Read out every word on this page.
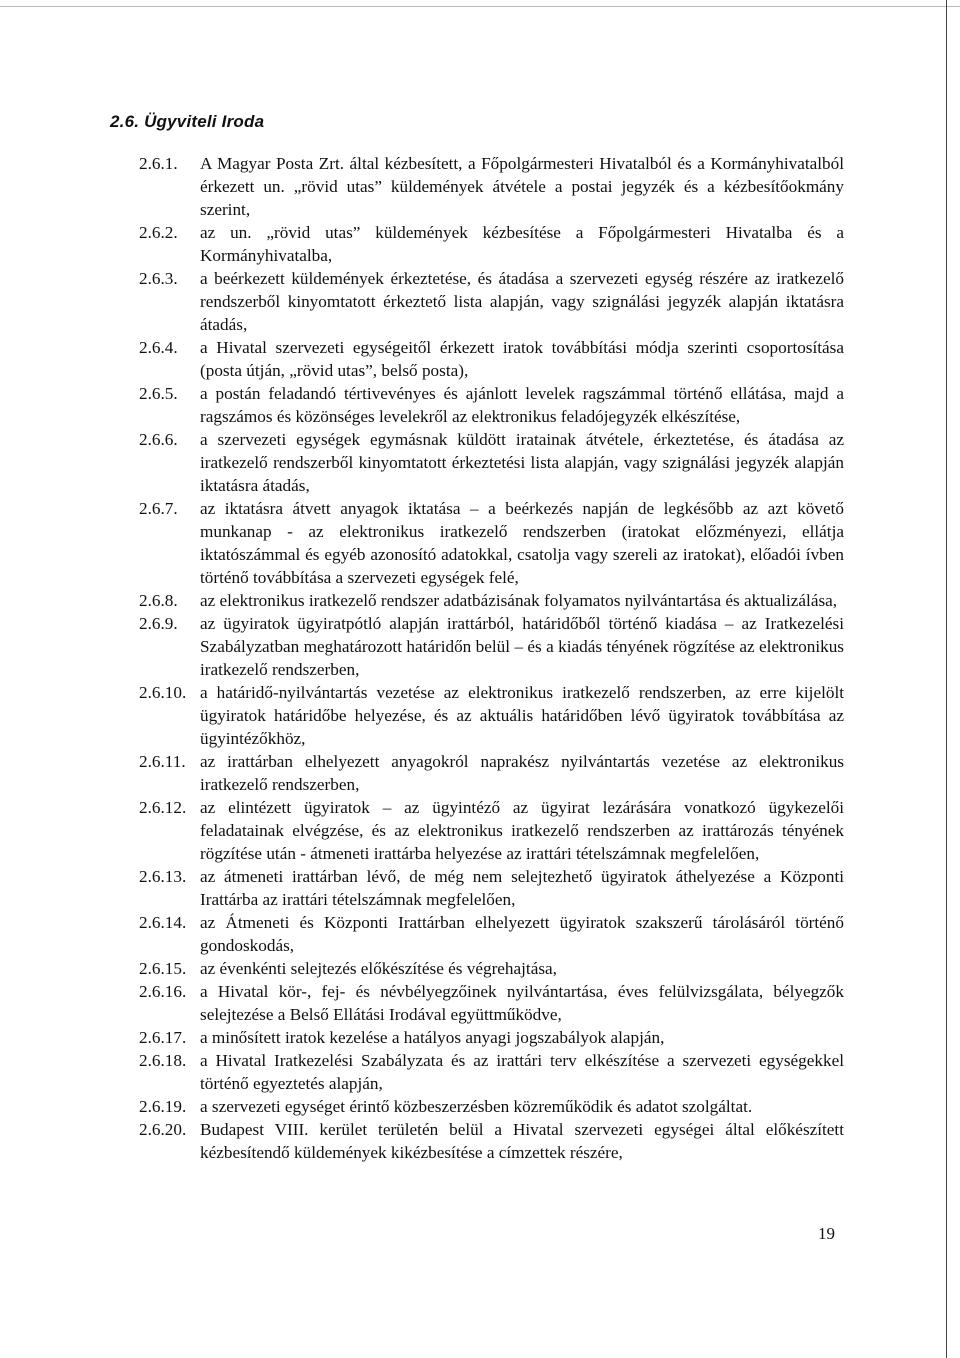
2.6. Ügyviteli Iroda
2.6.1.	A Magyar Posta Zrt. által kézbesített, a Főpolgármesteri Hivatalból és a Kormányhivatalból érkezett un. „rövid utas” küldemények átvétele a postai jegyzék és a kézbesítőokmány szerint,
2.6.2.	az un. „rövid utas” küldemények kézbesítése a Főpolgármesteri Hivatalba és a Kormányhivatalba,
2.6.3.	a beérkezett küldemények érkeztetése, és átadása a szervezeti egység részére az iratkezelő rendszerből kinyomtatott érkeztető lista alapján, vagy szignálási jegyzék alapján iktatásra átadás,
2.6.4.	a Hivatal szervezeti egységeitől érkezett iratok továbbítási módja szerinti csoportosítása (posta útján, „rövid utas”, belső posta),
2.6.5.	a postán feladandó tértivevényes és ajánlott levelek ragszámmal történő ellátása, majd a ragszámos és közönséges levelekről az elektronikus feladójegyzék elkészítése,
2.6.6.	a szervezeti egységek egymásnak küldött iratainak átvétele, érkeztetése, és átadása az iratkezelő rendszerből kinyomtatott érkeztetési lista alapján, vagy szignálási jegyzék alapján iktatásra átadás,
2.6.7.	az iktatásra átvett anyagok iktatása – a beérkezés napján de legkésőbb az azt követő munkanap - az elektronikus iratkezelő rendszerben (iratokat előzményezi, ellátja iktatószámmal és egyéb azonosító adatokkal, csatolja vagy szereli az iratokat), előadói ívben történő továbbítása a szervezeti egységek felé,
2.6.8.	az elektronikus iratkezelő rendszer adatbázisának folyamatos nyilvántartása és aktualizálása,
2.6.9.	az ügyiratok ügyiratpótló alapján irattárból, határidőből történő kiadása – az Iratkezelési Szabályzatban meghatározott határidőn belül – és a kiadás tényének rögzítése az elektronikus iratkezelő rendszerben,
2.6.10. a határidő-nyilvántartás vezetése az elektronikus iratkezelő rendszerben, az erre kijelölt ügyiratok határidőbe helyezése, és az aktuális határidőben lévő ügyiratok továbbítása az ügyintézőkhöz,
2.6.11. az irattárban elhelyezett anyagokról naprakész nyilvántartás vezetése az elektronikus iratkezelő rendszerben,
2.6.12. az elintézett ügyiratok – az ügyintéző az ügyirat lezárására vonatkozó ügykezelői feladatainak elvégzése, és az elektronikus iratkezelő rendszerben az irattározás tényének rögzítése után - átmeneti irattárba helyezése az irattári tételszámnak megfelelően,
2.6.13. az átmeneti irattárban lévő, de még nem selejtezhető ügyiratok áthelyezése a Központi Irattárba az irattári tételszámnak megfelelően,
2.6.14. az Átmeneti és Központi Irattárban elhelyezett ügyiratok szakszerű tárolásáról történő gondoskodás,
2.6.15. az évenkénti selejtezés előkészítése és végrehajtása,
2.6.16. a Hivatal kör-, fej- és névbélyegzőinek nyilvántartása, éves felülvizsgálata, bélyegzők selejtezése a Belső Ellátási Irodával együttműködve,
2.6.17. a minősített iratok kezelése a hatályos anyagi jogszabályok alapján,
2.6.18. a Hivatal Iratkezelési Szabályzata és az irattári terv elkészítése a szervezeti egységekkel történő egyeztetés alapján,
2.6.19. a szervezeti egységet érintő közbeszerzésben közreműködik és adatot szolgáltat.
2.6.20. Budapest VIII. kerület területén belül a Hivatal szervezeti egységei által előkészített kézbesítendő küldemények kikézbesítése a címzettek részére,
19
